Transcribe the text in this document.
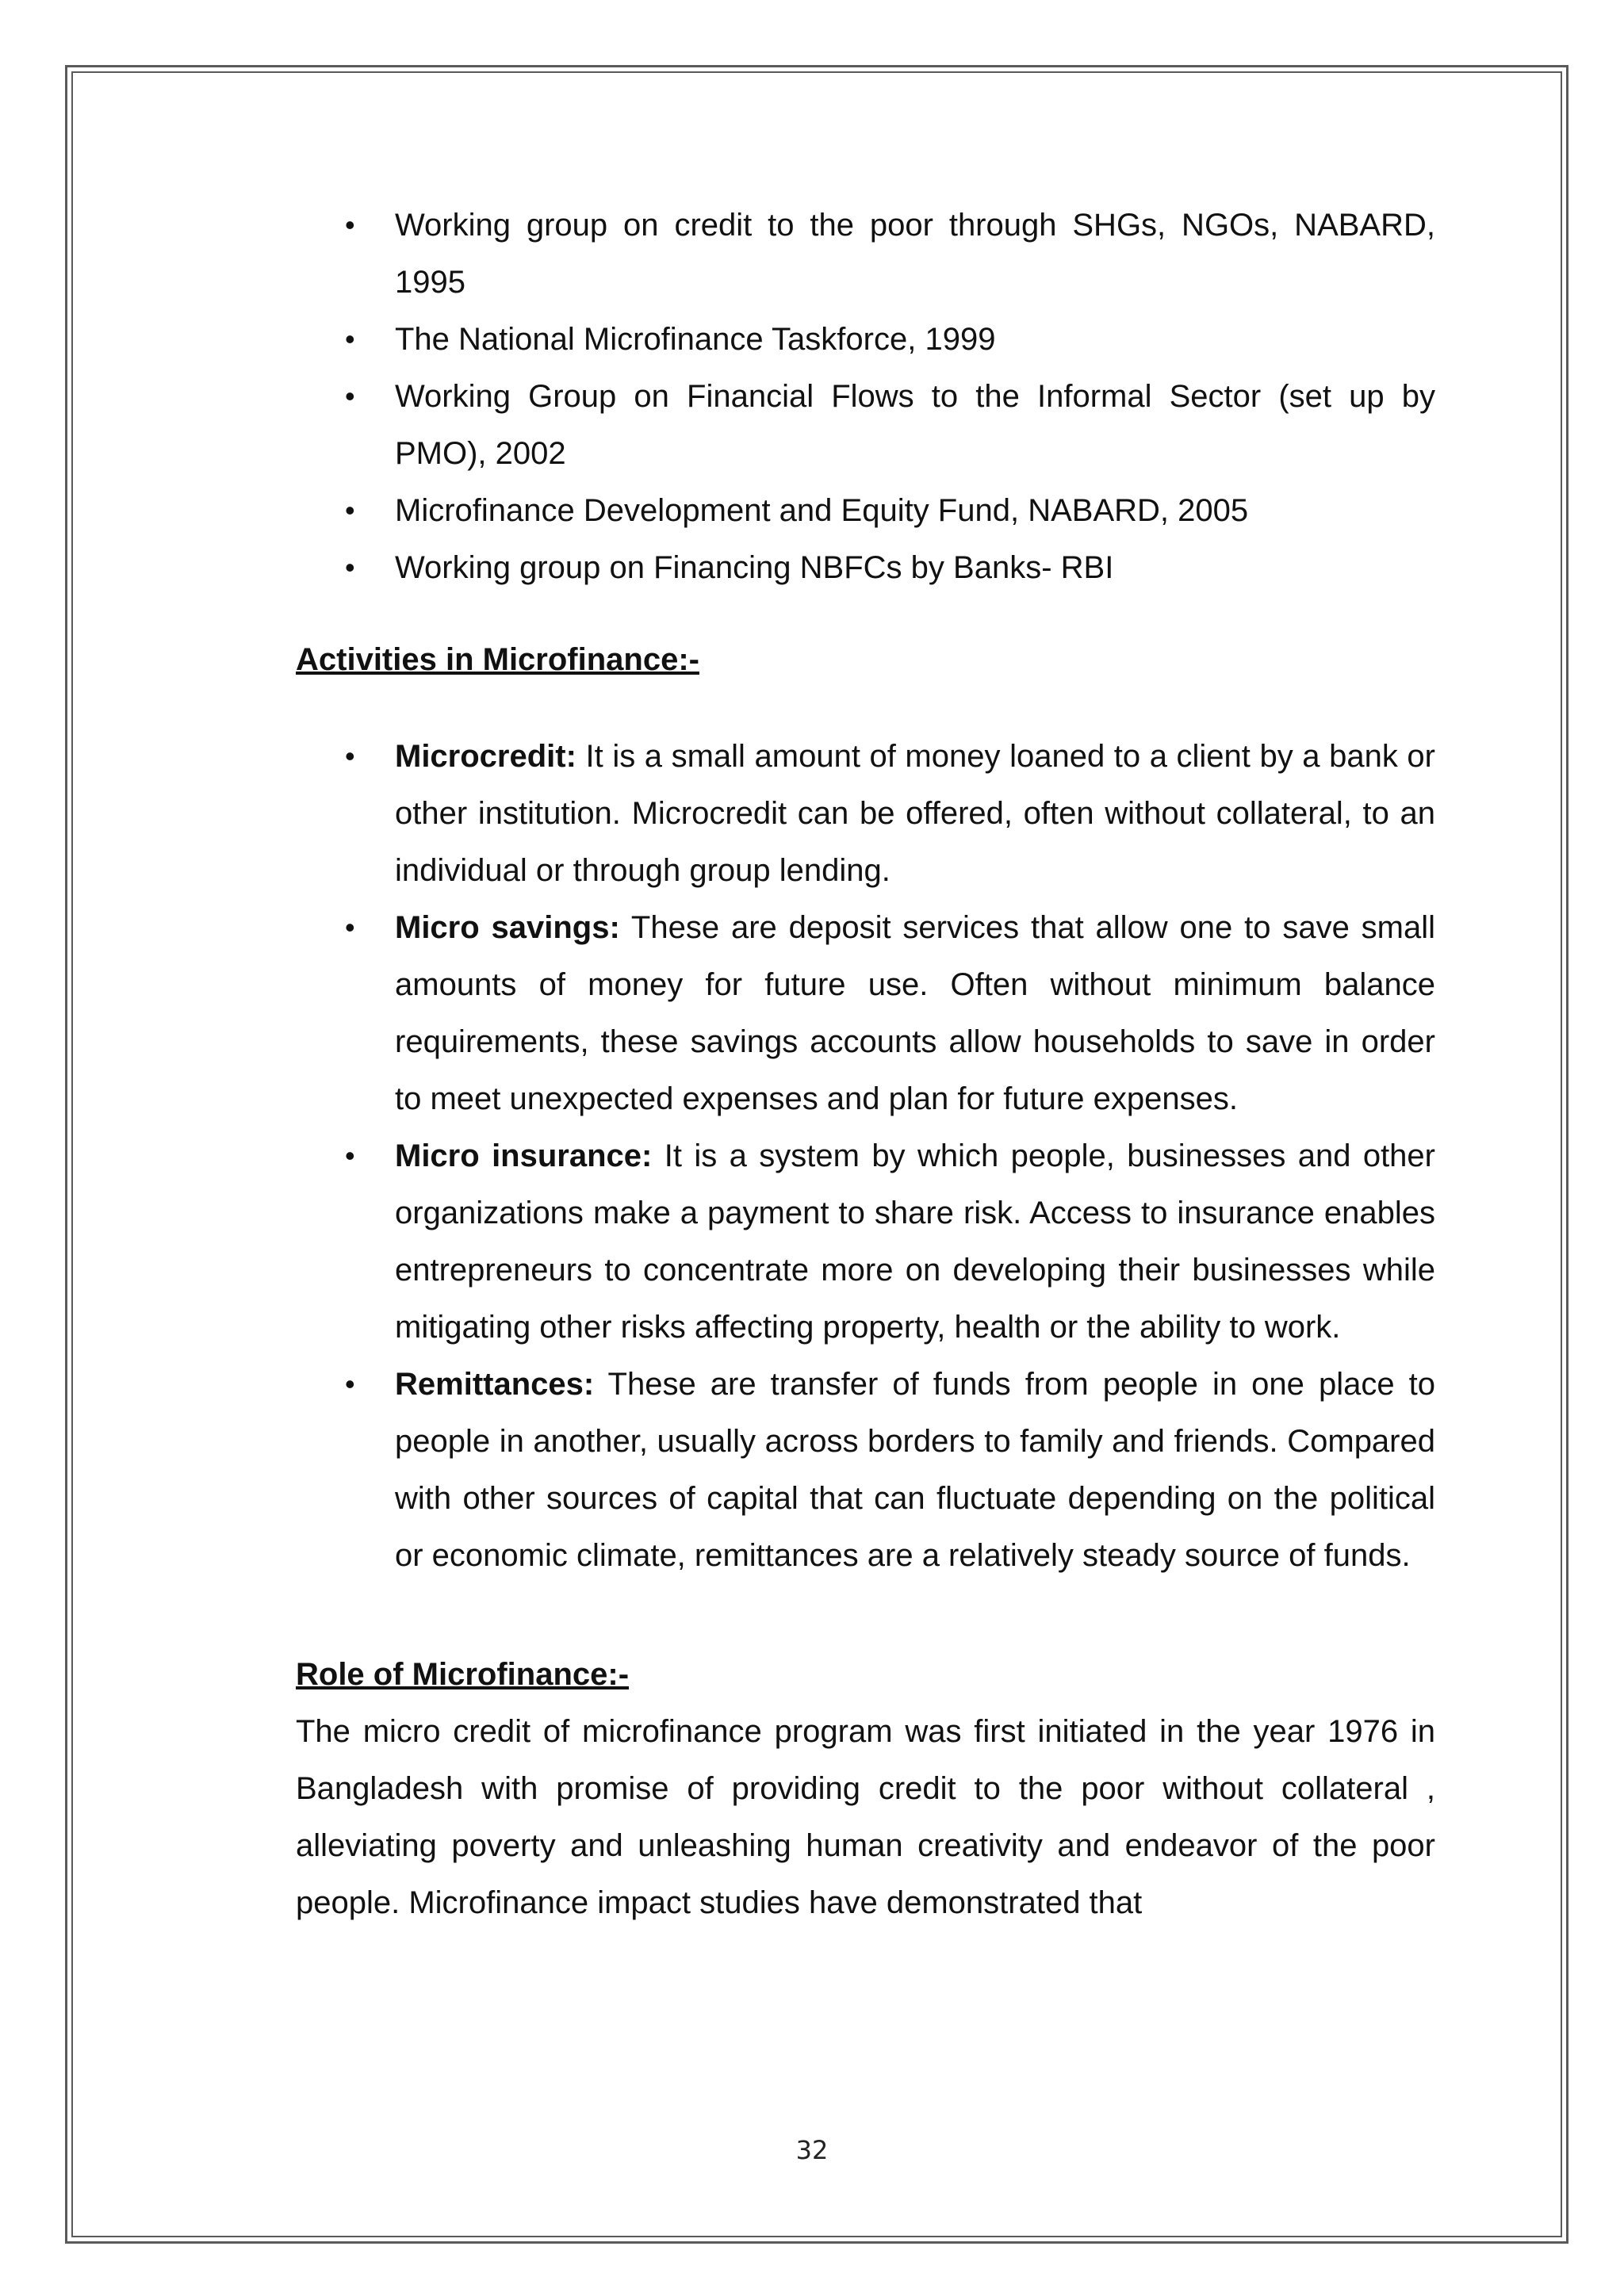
• Working group on credit to the poor through SHGs, NGOs, NABARD, 1995
• The National Microfinance Taskforce, 1999
• Working Group on Financial Flows to the Informal Sector (set up by PMO), 2002
• Microfinance Development and Equity Fund, NABARD, 2005
• Working group on Financing NBFCs by Banks- RBI

Activities in Microfinance:-

• Microcredit: It is a small amount of money loaned to a client by a bank or other institution. Microcredit can be offered, often without collateral, to an individual or through group lending.
• Micro savings: These are deposit services that allow one to save small amounts of money for future use. Often without minimum balance requirements, these savings accounts allow households to save in order to meet unexpected expenses and plan for future expenses.
• Micro insurance: It is a system by which people, businesses and other organizations make a payment to share risk. Access to insurance enables entrepreneurs to concentrate more on developing their businesses while mitigating other risks affecting property, health or the ability to work.
• Remittances: These are transfer of funds from people in one place to people in another, usually across borders to family and friends. Compared with other sources of capital that can fluctuate depending on the political or economic climate, remittances are a relatively steady source of funds.

Role of Microfinance:-

The micro credit of microfinance program was first initiated in the year 1976 in Bangladesh with promise of providing credit to the poor without collateral , alleviating poverty and unleashing human creativity and endeavor of the poor people. Microfinance impact studies have demonstrated that

32
